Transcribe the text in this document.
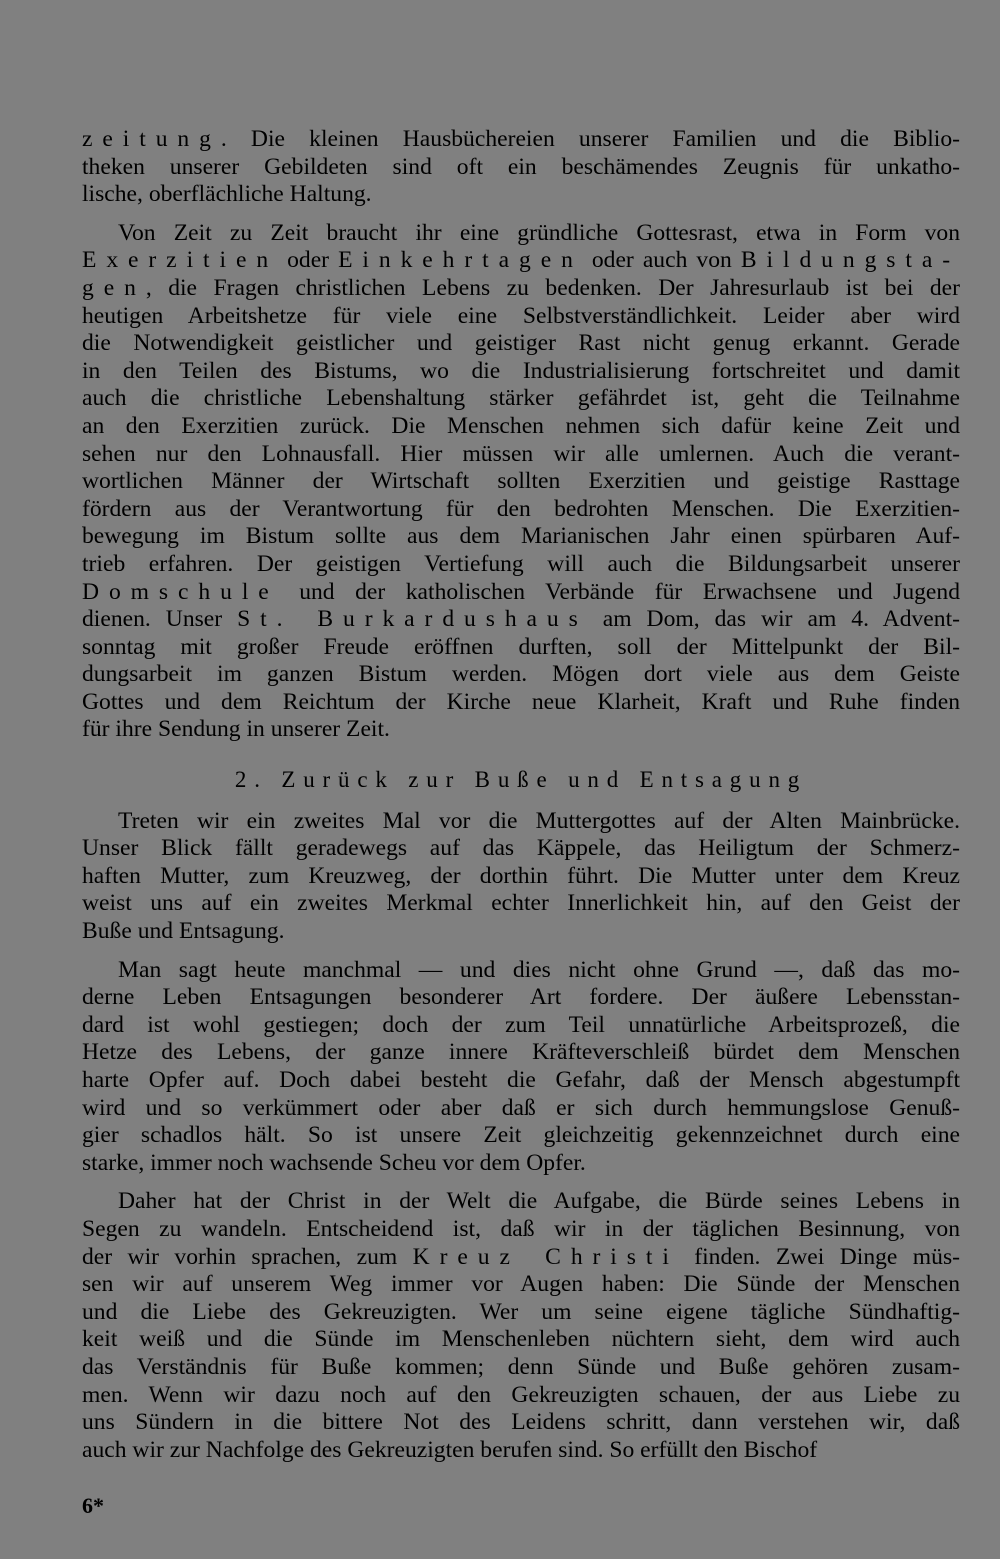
zeitung. Die kleinen Hausbüchereien unserer Familien und die Biblio-
theken unserer Gebildeten sind oft ein beschämendes Zeugnis für unkatho-
lische, oberflächliche Haltung.
Von Zeit zu Zeit braucht ihr eine gründliche Gottesrast, etwa in Form von
Exerzitien oder Einkehrtagen oder auch von Bildungsta-
gen, die Fragen christlichen Lebens zu bedenken. Der Jahresurlaub ist bei der
heutigen Arbeitshetze für viele eine Selbstverständlichkeit. Leider aber wird
die Notwendigkeit geistlicher und geistiger Rast nicht genug erkannt. Gerade
in den Teilen des Bistums, wo die Industrialisierung fortschreitet und damit
auch die christliche Lebenshaltung stärker gefährdet ist, geht die Teilnahme
an den Exerzitien zurück. Die Menschen nehmen sich dafür keine Zeit und
sehen nur den Lohnausfall. Hier müssen wir alle umlernen. Auch die verant-
wortlichen Männer der Wirtschaft sollten Exerzitien und geistige Rasttage
fördern aus der Verantwortung für den bedrohten Menschen. Die Exerzitien-
bewegung im Bistum sollte aus dem Marianischen Jahr einen spürbaren Auf-
trieb erfahren. Der geistigen Vertiefung will auch die Bildungsarbeit unserer
Domschule und der katholischen Verbände für Erwachsene und Jugend
dienen. Unser St. Burkardushaus am Dom, das wir am 4. Advent-
sonntag mit großer Freude eröffnen durften, soll der Mittelpunkt der Bil-
dungsarbeit im ganzen Bistum werden. Mögen dort viele aus dem Geiste
Gottes und dem Reichtum der Kirche neue Klarheit, Kraft und Ruhe finden
für ihre Sendung in unserer Zeit.
2. Zurück zur Buße und Entsagung
Treten wir ein zweites Mal vor die Muttergottes auf der Alten Mainbrücke.
Unser Blick fällt geradewegs auf das Käppele, das Heiligtum der Schmerz-
haften Mutter, zum Kreuzweg, der dorthin führt. Die Mutter unter dem Kreuz
weist uns auf ein zweites Merkmal echter Innerlichkeit hin, auf den Geist der
Buße und Entsagung.
Man sagt heute manchmal — und dies nicht ohne Grund —, daß das mo-
derne Leben Entsagungen besonderer Art fordere. Der äußere Lebensstan-
dard ist wohl gestiegen; doch der zum Teil unnatürliche Arbeitsprozeß, die
Hetze des Lebens, der ganze innere Kräfteverschleiß bürdet dem Menschen
harte Opfer auf. Doch dabei besteht die Gefahr, daß der Mensch abgestumpft
wird und so verkümmert oder aber daß er sich durch hemmungslose Genuß-
gier schadlos hält. So ist unsere Zeit gleichzeitig gekennzeichnet durch eine
starke, immer noch wachsende Scheu vor dem Opfer.
Daher hat der Christ in der Welt die Aufgabe, die Bürde seines Lebens in
Segen zu wandeln. Entscheidend ist, daß wir in der täglichen Besinnung, von
der wir vorhin sprachen, zum Kreuz Christi finden. Zwei Dinge müs-
sen wir auf unserem Weg immer vor Augen haben: Die Sünde der Menschen
und die Liebe des Gekreuzigten. Wer um seine eigene tägliche Sündhaftig-
keit weiß und die Sünde im Menschenleben nüchtern sieht, dem wird auch
das Verständnis für Buße kommen; denn Sünde und Buße gehören zusam-
men. Wenn wir dazu noch auf den Gekreuzigten schauen, der aus Liebe zu
uns Sündern in die bittere Not des Leidens schritt, dann verstehen wir, daß
auch wir zur Nachfolge des Gekreuzigten berufen sind. So erfüllt den Bischof
6*
